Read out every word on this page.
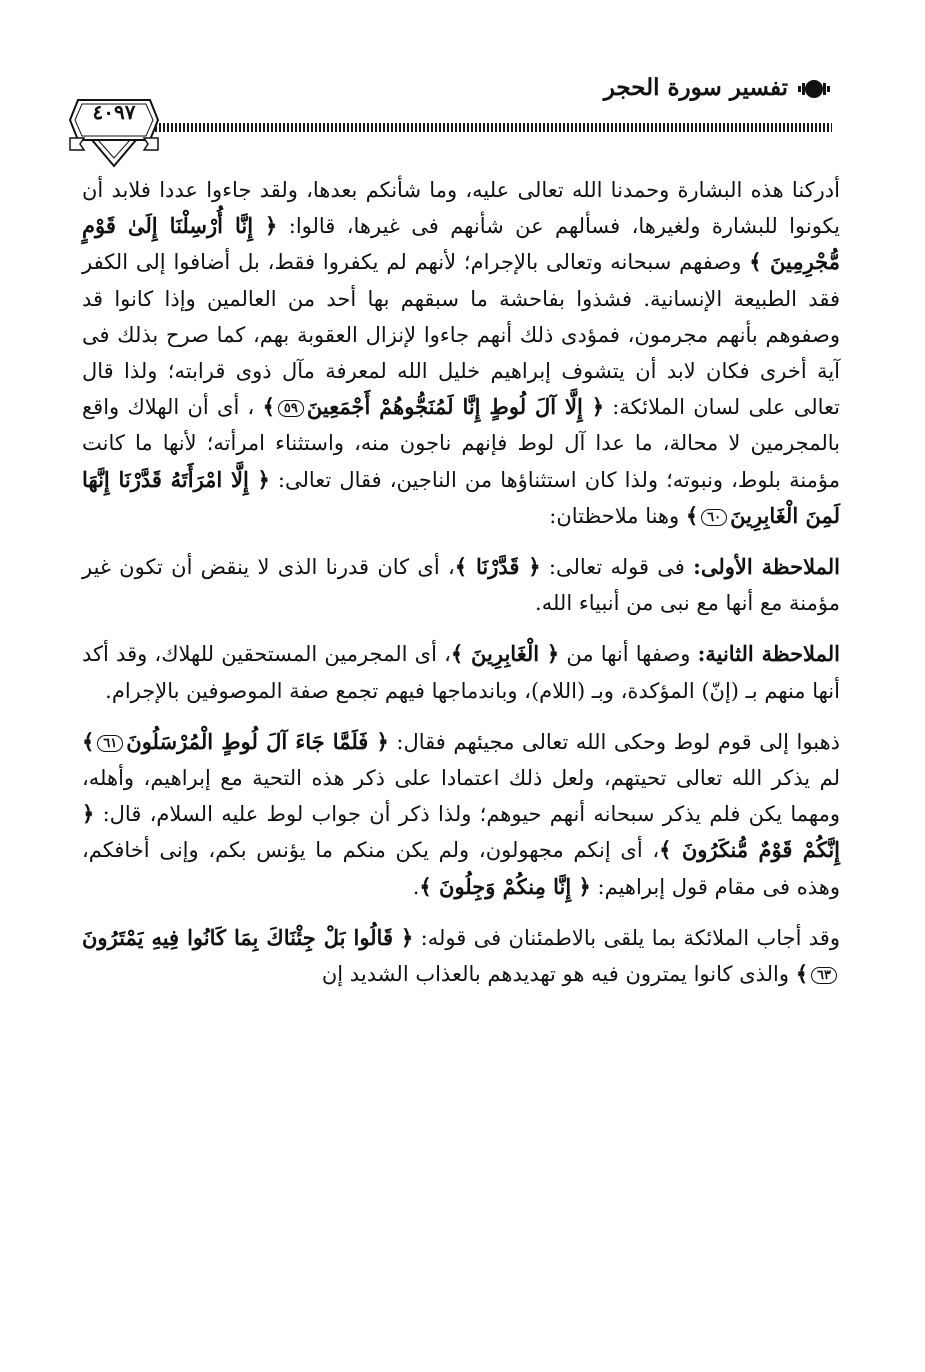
تفسير سورة الحجر
٤٠٩٧

أدركنا هذه البشارة وحمدنا الله تعالى عليه، وما شأنكم بعدها، ولقد جاءوا عددا فلابد أن يكونوا للبشارة ولغيرها، فسألهم عن شأنهم فى غيرها، قالوا: ﴿ إِنَّا أُرْسِلْنَا إِلَىٰ قَوْمٍ مُّجْرِمِينَ ﴾ وصفهم سبحانه وتعالى بالإجرام؛ لأنهم لم يكفروا فقط، بل أضافوا إلى الكفر فقد الطبيعة الإنسانية. فشذوا بفاحشة ما سبقهم بها أحد من العالمين وإذا كانوا قد وصفوهم بأنهم مجرمون، فمؤدى ذلك أنهم جاءوا لإنزال العقوبة بهم، كما صرح بذلك فى آية أخرى فكان لابد أن يتشوف إبراهيم خليل الله لمعرفة مآل ذوى قرابته؛ ولذا قال تعالى على لسان الملائكة: ﴿ إِلَّا آلَ لُوطٍ إِنَّا لَمُنَجُّوهُمْ أَجْمَعِينَ٥٩﴾ ، أى أن الهلاك واقع بالمجرمين لا محالة، ما عدا آل لوط فإنهم ناجون منه، واستثناء امرأته؛ لأنها ما كانت مؤمنة بلوط، ونبوته؛ ولذا كان استثناؤها من الناجين، فقال تعالى: ﴿ إِلَّا امْرَأَتَهُ قَدَّرْنَا إِنَّهَا لَمِنَ الْغَابِرِينَ٦٠﴾ وهنا ملاحظتان:

الملاحظة الأولى: فى قوله تعالى: ﴿ قَدَّرْنَا ﴾، أى كان قدرنا الذى لا ينقض أن تكون غير مؤمنة مع أنها مع نبى من أنبياء الله.

الملاحظة الثانية: وصفها أنها من ﴿ الْغَابِرِينَ ﴾، أى المجرمين المستحقين للهلاك، وقد أكد أنها منهم بـ (إنّ) المؤكدة، وبـ (اللام)، وباندماجها فيهم تجمع صفة الموصوفين بالإجرام.

ذهبوا إلى قوم لوط وحكى الله تعالى مجيئهم فقال: ﴿ فَلَمَّا جَاءَ آلَ لُوطٍ الْمُرْسَلُونَ٦١﴾ لم يذكر الله تعالى تحيتهم، ولعل ذلك اعتمادا على ذكر هذه التحية مع إبراهيم، وأهله، ومهما يكن فلم يذكر سبحانه أنهم حيوهم؛ ولذا ذكر أن جواب لوط عليه السلام، قال: ﴿ إِنَّكُمْ قَوْمٌ مُّنكَرُونَ ﴾، أى إنكم مجهولون، ولم يكن منكم ما يؤنس بكم، وإنى أخافكم، وهذه فى مقام قول إبراهيم: ﴿ إِنَّا مِنكُمْ وَجِلُونَ ﴾.

وقد أجاب الملائكة بما يلقى بالاطمئنان فى قوله: ﴿ قَالُوا بَلْ جِئْنَاكَ بِمَا كَانُوا فِيهِ يَمْتَرُونَ٦٣﴾ والذى كانوا يمترون فيه هو تهديدهم بالعذاب الشديد إن
